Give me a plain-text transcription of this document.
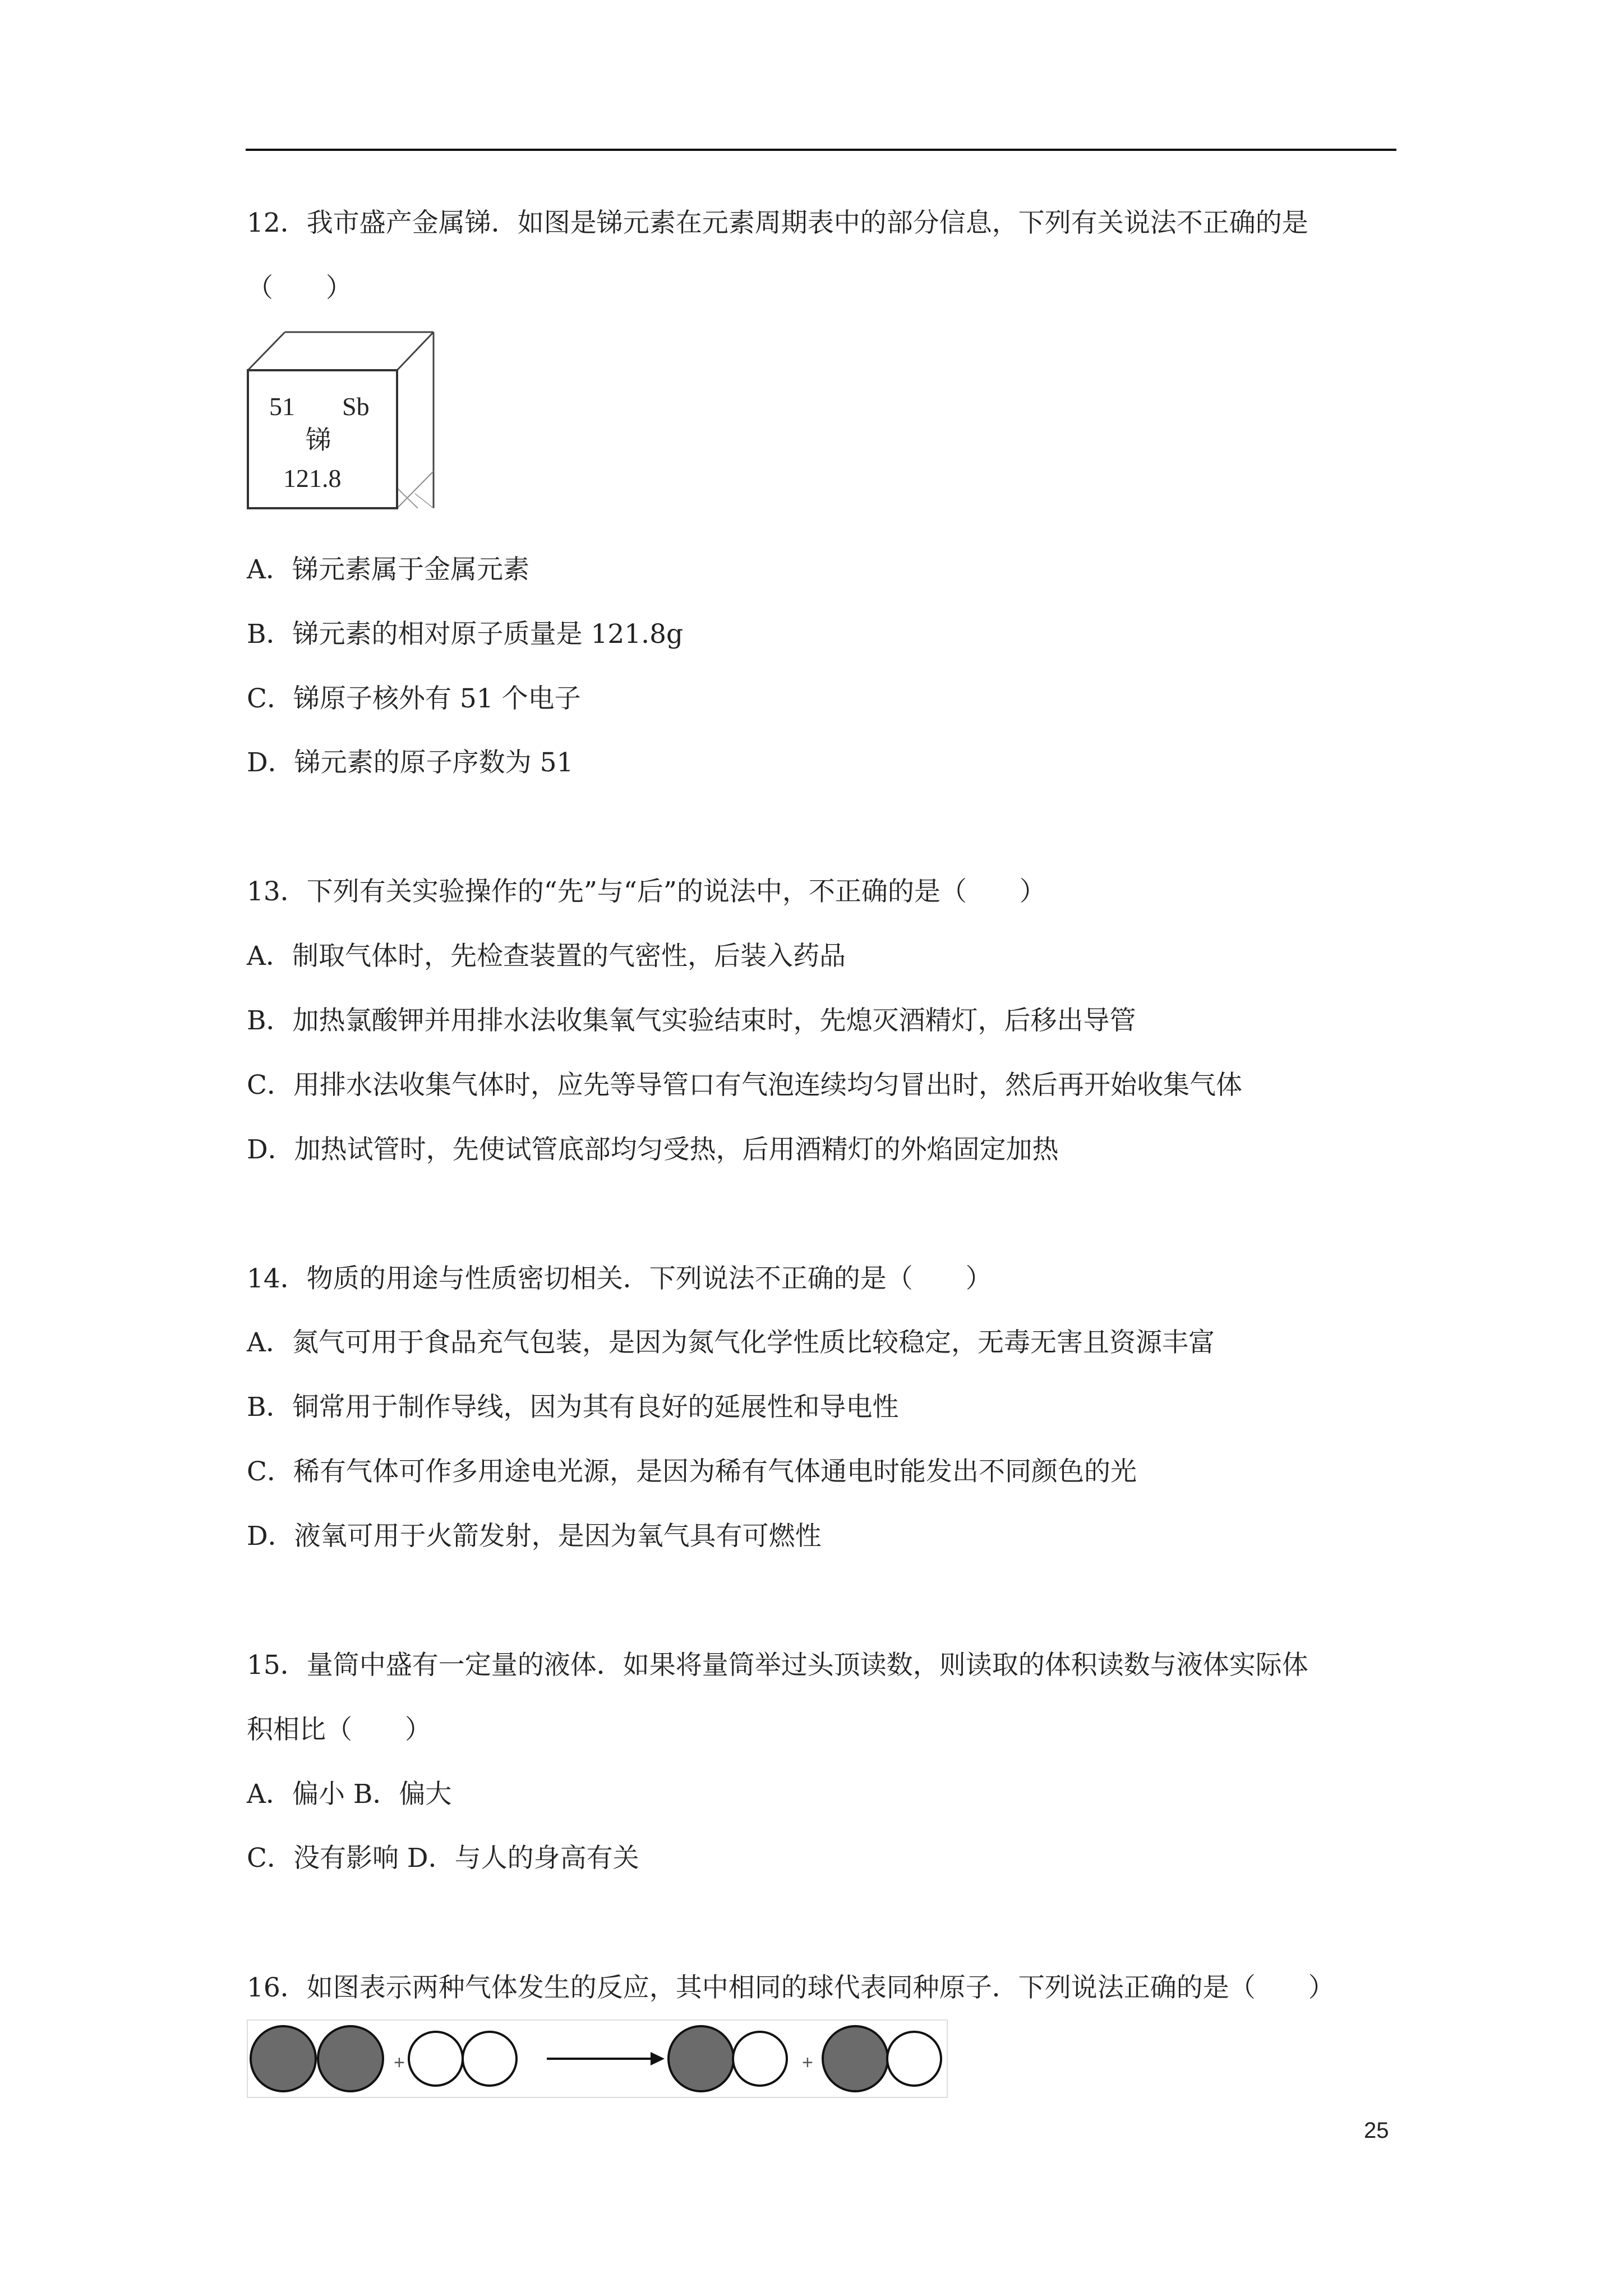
12．我市盛产金属锑．如图是锑元素在元素周期表中的部分信息，下列有关说法不正确的是
（　　）
51 Sb
锑
121.8
A．锑元素属于金属元素
B．锑元素的相对原子质量是 121.8g
C．锑原子核外有 51 个电子
D．锑元素的原子序数为 51
13．下列有关实验操作的“先”与“后”的说法中，不正确的是（　　）
A．制取气体时，先检查装置的气密性，后装入药品
B．加热氯酸钾并用排水法收集氧气实验结束时，先熄灭酒精灯，后移出导管
C．用排水法收集气体时，应先等导管口有气泡连续均匀冒出时，然后再开始收集气体
D．加热试管时，先使试管底部均匀受热，后用酒精灯的外焰固定加热
14．物质的用途与性质密切相关．下列说法不正确的是（　　）
A．氮气可用于食品充气包装，是因为氮气化学性质比较稳定，无毒无害且资源丰富
B．铜常用于制作导线，因为其有良好的延展性和导电性
C．稀有气体可作多用途电光源，是因为稀有气体通电时能发出不同颜色的光
D．液氧可用于火箭发射，是因为氧气具有可燃性
15．量筒中盛有一定量的液体．如果将量筒举过头顶读数，则读取的体积读数与液体实际体
积相比（　　）
A．偏小 B．偏大
C．没有影响 D．与人的身高有关
16．如图表示两种气体发生的反应，其中相同的球代表同种原子．下列说法正确的是（　　）
+	+
25
